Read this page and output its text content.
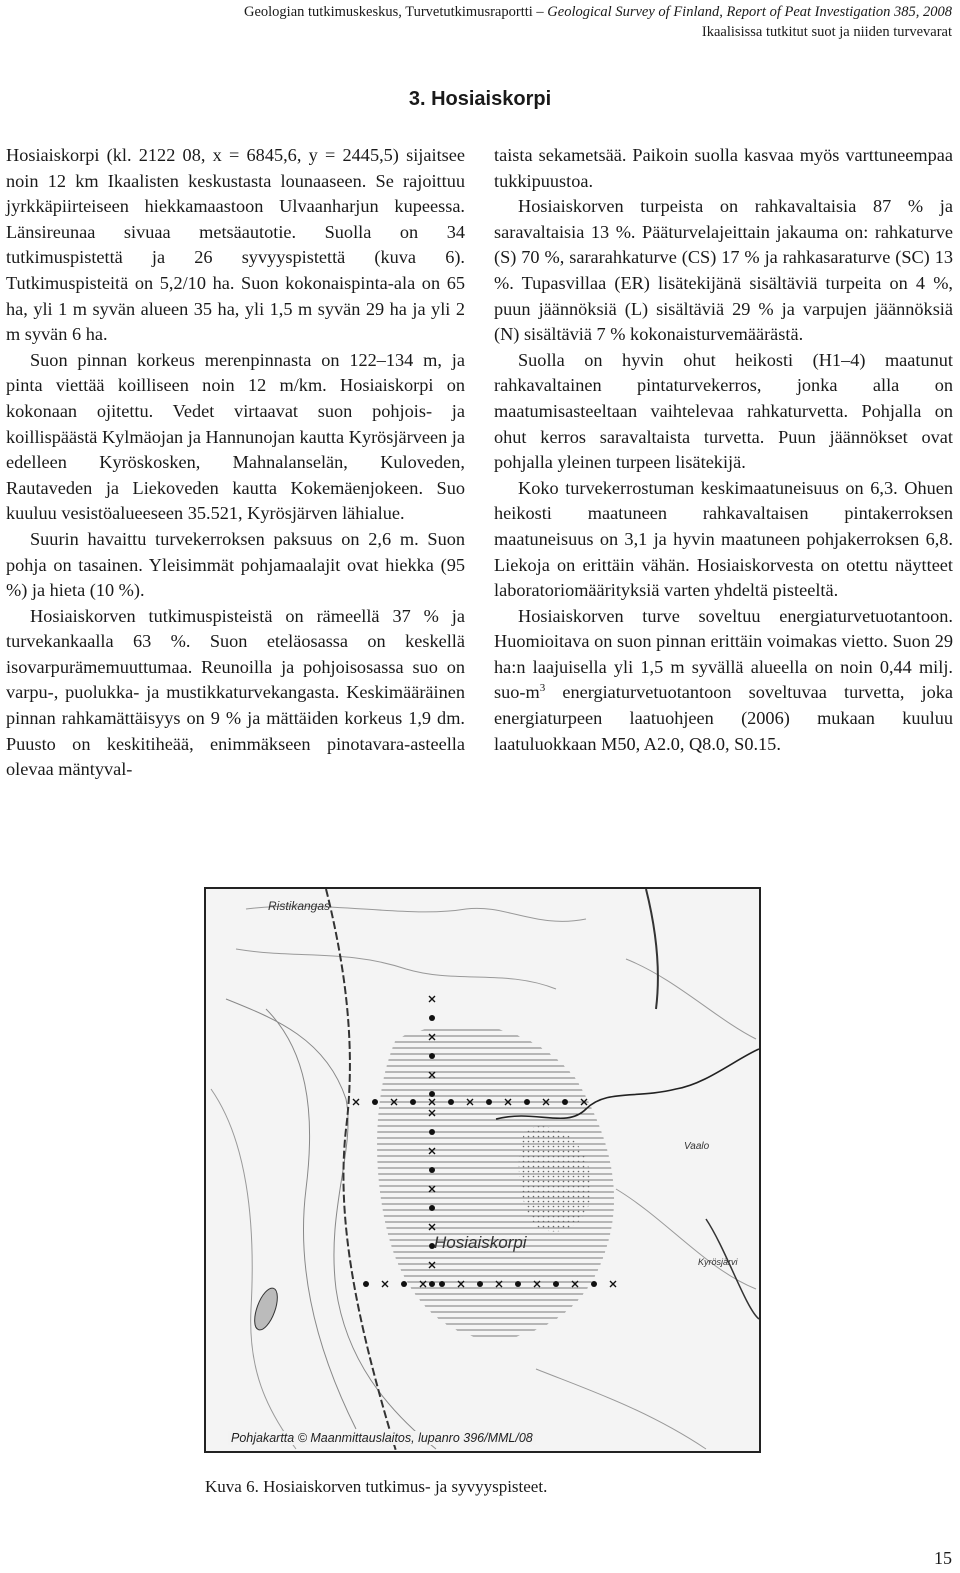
Geologian tutkimuskeskus, Turvetutkimusraportti – Geological Survey of Finland, Report of Peat Investigation 385, 2008
Ikaalisissa tutkitut suot ja niiden turvevarat
3. Hosiaiskorpi

Hosiaiskorpi (kl. 2122 08, x = 6845,6, y = 2445,5) sijaitsee noin 12 km Ikaalisten keskustasta lounaaseen. Se rajoittuu jyrkkäpiirteiseen hiekkamaastoon Ulvaanharjun kupeessa. Länsireunaa sivuaa metsäautotie. Suolla on 34 tutkimuspistettä ja 26 syvyyspistettä (kuva 6). Tutkimuspisteitä on 5,2/10 ha. Suon kokonaispinta-ala on 65 ha, yli 1 m syvän alueen 35 ha, yli 1,5 m syvän 29 ha ja yli 2 m syvän 6 ha.

Suon pinnan korkeus merenpinnasta on 122–134 m, ja pinta viettää koilliseen noin 12 m/km. Hosiaiskorpi on kokonaan ojitettu. Vedet virtaavat suon pohjois- ja koillispäästä Kylmäojan ja Hannunojan kautta Kyrösjärveen ja edelleen Kyröskosken, Mahnalanselän, Kuloveden, Rautaveden ja Liekoveden kautta Kokemäenjokeen. Suo kuuluu vesistöalueeseen 35.521, Kyrösjärven lähialue.

Suurin havaittu turvekerroksen paksuus on 2,6 m. Suon pohja on tasainen. Yleisimmät pohjamaalajit ovat hiekka (95 %) ja hieta (10 %).

Hosiaiskorven tutkimuspisteistä on rämeellä 37 % ja turvekankaalla 63 %. Suon eteläosassa on keskellä isovarpurämemuuttumaa. Reunoilla ja pohjoisosassa suo on varpu-, puolukka- ja mustikkaturvekangasta. Keskimääräinen pinnan rahkamättäisyys on 9 % ja mättäiden korkeus 1,9 dm. Puusto on keskitiheää, enimmäkseen pinotavara-asteella olevaa mäntyval-

taista sekametsää. Paikoin suolla kasvaa myös varttuneempaa tukkipuustoa.

Hosiaiskorven turpeista on rahkavaltaisia 87 % ja saravaltaisia 13 %. Pääturvelajeittain jakauma on: rahkaturve (S) 70 %, sararahkaturve (CS) 17 % ja rahkasaraturve (SC) 13 %. Tupasvillaa (ER) lisätekijänä sisältäviä turpeita on 4 %, puun jäännöksiä (L) sisältäviä 29 % ja varpujen jäännöksiä (N) sisältäviä 7 % kokonaisturvemäärästä.

Suolla on hyvin ohut heikosti (H1–4) maatunut rahkavaltainen pintaturvekerros, jonka alla on maatumisasteeltaan vaihtelevaa rahkaturvetta. Pohjalla on ohut kerros saravaltaista turvetta. Puun jäännökset ovat pohjalla yleinen turpeen lisätekijä.

Koko turvekerrostuman keskimaatuneisuus on 6,3. Ohuen heikosti maatuneen rahkavaltaisen pintakerroksen maatuneisuus on 3,1 ja hyvin maatuneen pohjakerroksen 6,8. Liekoja on erittäin vähän. Hosiaiskorvesta on otettu näytteet laboratoriomäärityksiä varten yhdeltä pisteeltä.

Hosiaiskorven turve soveltuu energiaturvetuotantoon. Huomioitava on suon pinnan erittäin voimakas vietto. Suon 29 ha:n laajuisella yli 1,5 m syvällä alueella on noin 0,44 milj. suo-$m^3$ energiaturvetuotantoon soveltuvaa turvetta, joka energiaturpeen laatuohjeen (2006) mukaan kuuluu laatuluokkaan M50, A2.0, Q8.0, S0.15.

Ristikangas
Hosiaiskorpi
Vaalo
Kyrösjärvi
Pohjakartta © Maanmittauslaitos, lupanro 396/MML/08
Kuva 6. Hosiaiskorven tutkimus- ja syvyyspisteet.
15
